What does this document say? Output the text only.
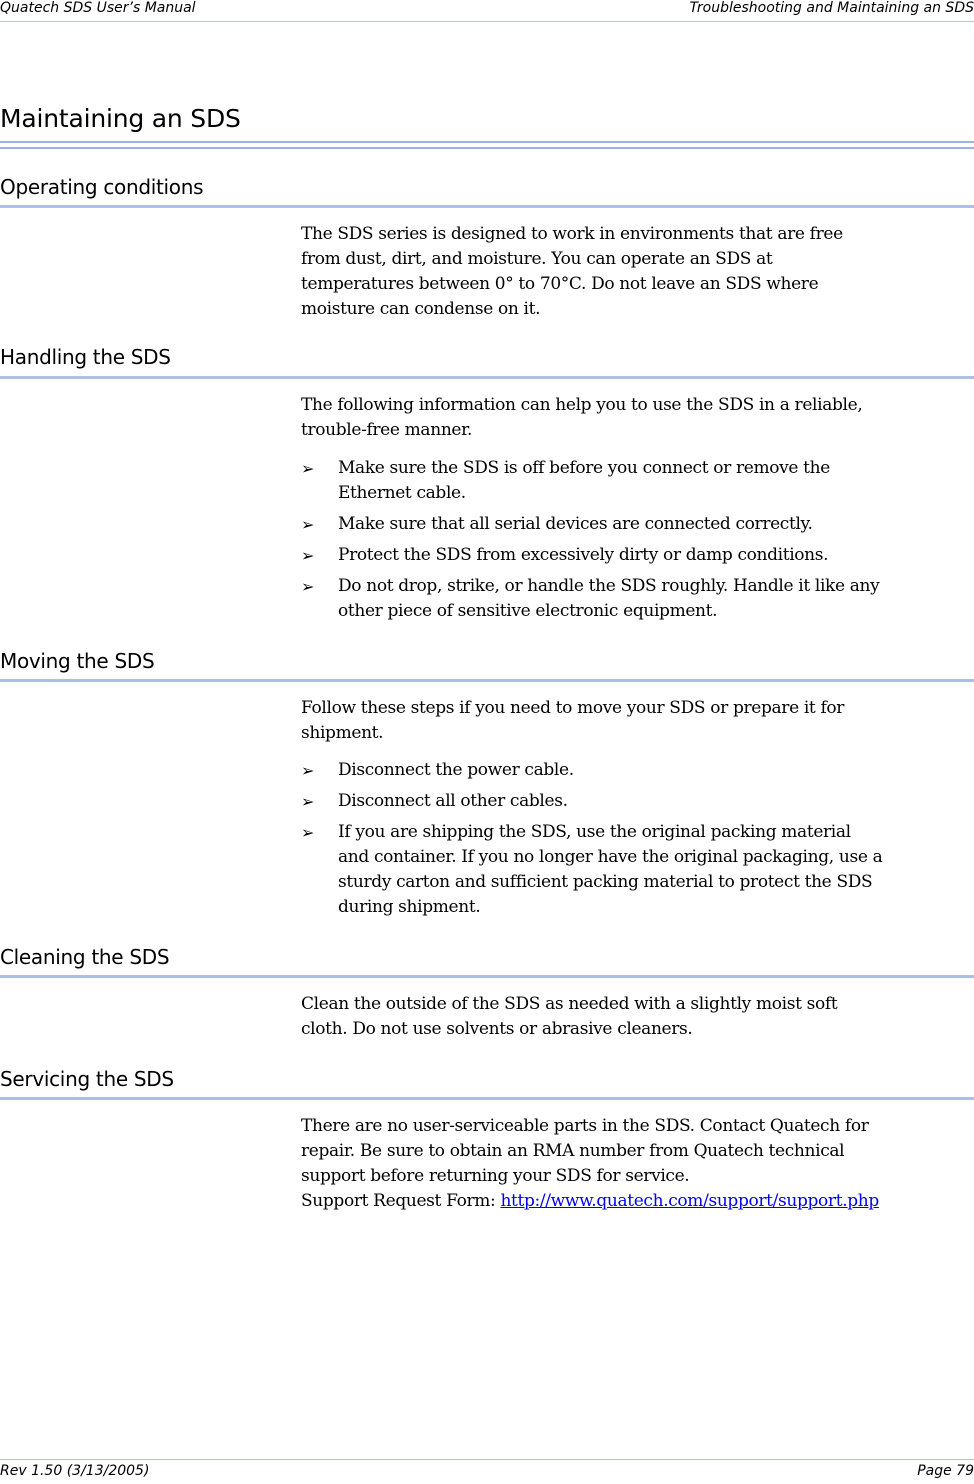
Quatech SDS User’s Manual	Troubleshooting and Maintaining an SDS
Maintaining an SDS
Operating conditions
The SDS series is designed to work in environments that are free
from dust, dirt, and moisture. You can operate an SDS at
temperatures between 0° to 70°C. Do not leave an SDS where
moisture can condense on it.
Handling the SDS
The following information can help you to use the SDS in a reliable,
trouble-free manner.
➢	Make sure the SDS is off before you connect or remove the
Ethernet cable.
➢	Make sure that all serial devices are connected correctly.
➢	Protect the SDS from excessively dirty or damp conditions.
➢	Do not drop, strike, or handle the SDS roughly. Handle it like any
other piece of sensitive electronic equipment.
Moving the SDS
Follow these steps if you need to move your SDS or prepare it for
shipment.
➢	Disconnect the power cable.
➢	Disconnect all other cables.
➢	If you are shipping the SDS, use the original packing material
and container. If you no longer have the original packaging, use a
sturdy carton and sufficient packing material to protect the SDS
during shipment.
Cleaning the SDS
Clean the outside of the SDS as needed with a slightly moist soft
cloth. Do not use solvents or abrasive cleaners.
Servicing the SDS
There are no user-serviceable parts in the SDS. Contact Quatech for
repair. Be sure to obtain an RMA number from Quatech technical
support before returning your SDS for service.
Support Request Form: http://www.quatech.com/support/support.php
Rev 1.50 (3/13/2005)	Page 79
